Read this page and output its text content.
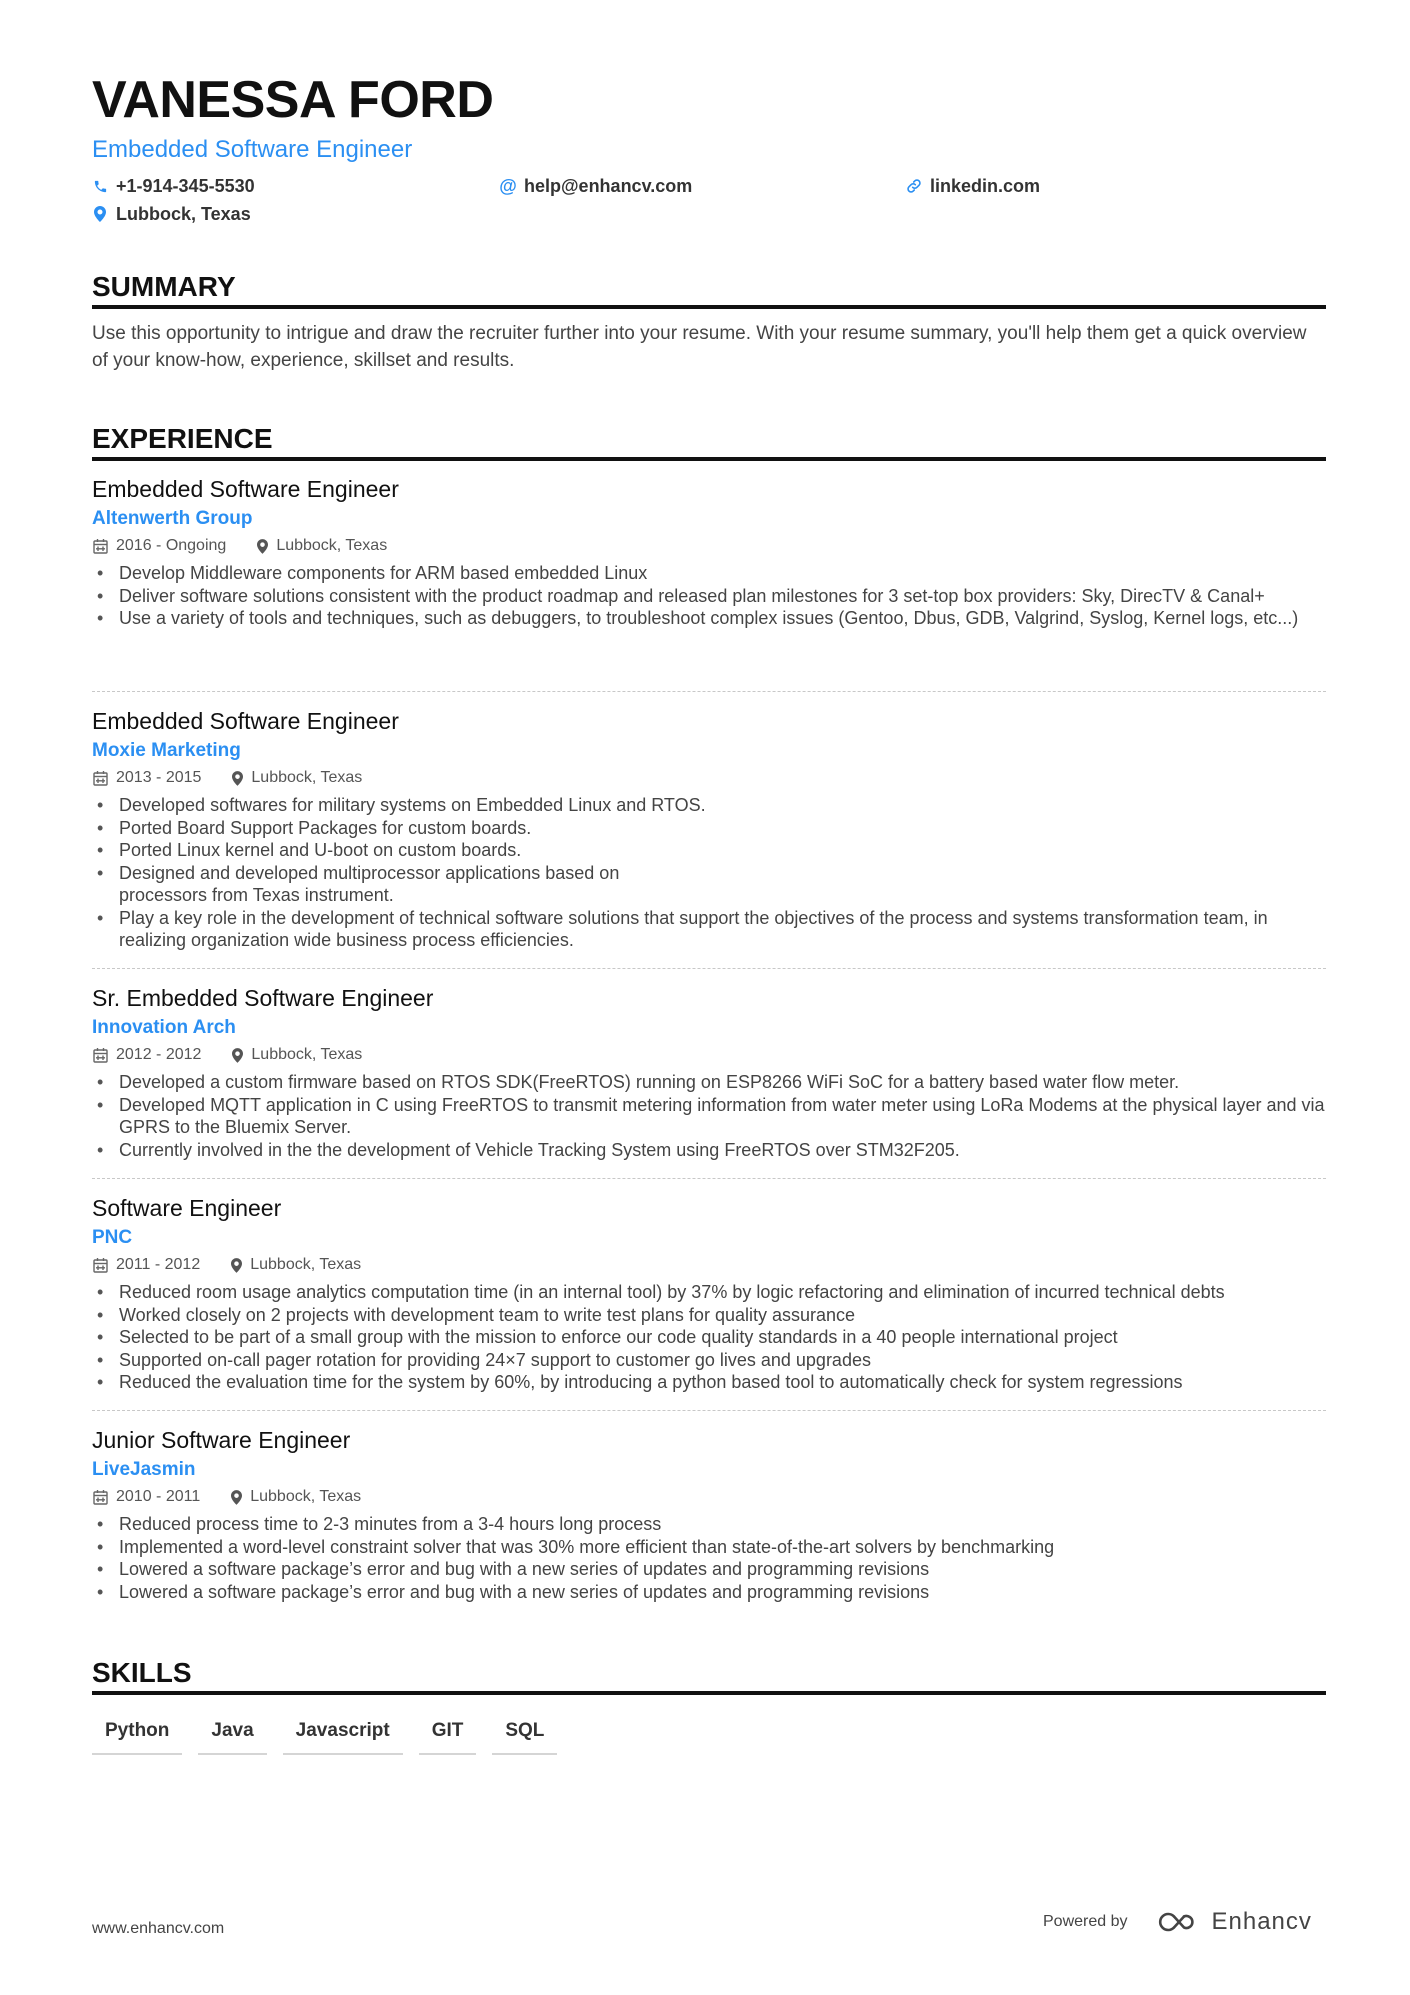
VANESSA FORD
Embedded Software Engineer
+1-914-345-5530	@ help@enhancv.com	linkedin.com
Lubbock, Texas
SUMMARY
Use this opportunity to intrigue and draw the recruiter further into your resume. With your resume summary, you'll help them get a quick overview of your know-how, experience, skillset and results.
EXPERIENCE
Embedded Software Engineer
Altenwerth Group
2016 - Ongoing	Lubbock, Texas
• Develop Middleware components for ARM based embedded Linux
• Deliver software solutions consistent with the product roadmap and released plan milestones for 3 set-top box providers: Sky, DirecTV & Canal+
• Use a variety of tools and techniques, such as debuggers, to troubleshoot complex issues (Gentoo, Dbus, GDB, Valgrind, Syslog, Kernel logs, etc...)
Embedded Software Engineer
Moxie Marketing
2013 - 2015	Lubbock, Texas
• Developed softwares for military systems on Embedded Linux and RTOS.
• Ported Board Support Packages for custom boards.
• Ported Linux kernel and U-boot on custom boards.
• Designed and developed multiprocessor applications based on processors from Texas instrument.
• Play a key role in the development of technical software solutions that support the objectives of the process and systems transformation team, in realizing organization wide business process efficiencies.
Sr. Embedded Software Engineer
Innovation Arch
2012 - 2012	Lubbock, Texas
• Developed a custom firmware based on RTOS SDK(FreeRTOS) running on ESP8266 WiFi SoC for a battery based water flow meter.
• Developed MQTT application in C using FreeRTOS to transmit metering information from water meter using LoRa Modems at the physical layer and via GPRS to the Bluemix Server.
• Currently involved in the the development of Vehicle Tracking System using FreeRTOS over STM32F205.
Software Engineer
PNC
2011 - 2012	Lubbock, Texas
• Reduced room usage analytics computation time (in an internal tool) by 37% by logic refactoring and elimination of incurred technical debts
• Worked closely on 2 projects with development team to write test plans for quality assurance
• Selected to be part of a small group with the mission to enforce our code quality standards in a 40 people international project
• Supported on-call pager rotation for providing 24×7 support to customer go lives and upgrades
• Reduced the evaluation time for the system by 60%, by introducing a python based tool to automatically check for system regressions
Junior Software Engineer
LiveJasmin
2010 - 2011	Lubbock, Texas
• Reduced process time to 2-3 minutes from a 3-4 hours long process
• Implemented a word-level constraint solver that was 30% more efficient than state-of-the-art solvers by benchmarking
• Lowered a software package’s error and bug with a new series of updates and programming revisions
• Lowered a software package’s error and bug with a new series of updates and programming revisions
SKILLS
Python	Java	Javascript	GIT	SQL
www.enhancv.com	Powered by	Enhancv
